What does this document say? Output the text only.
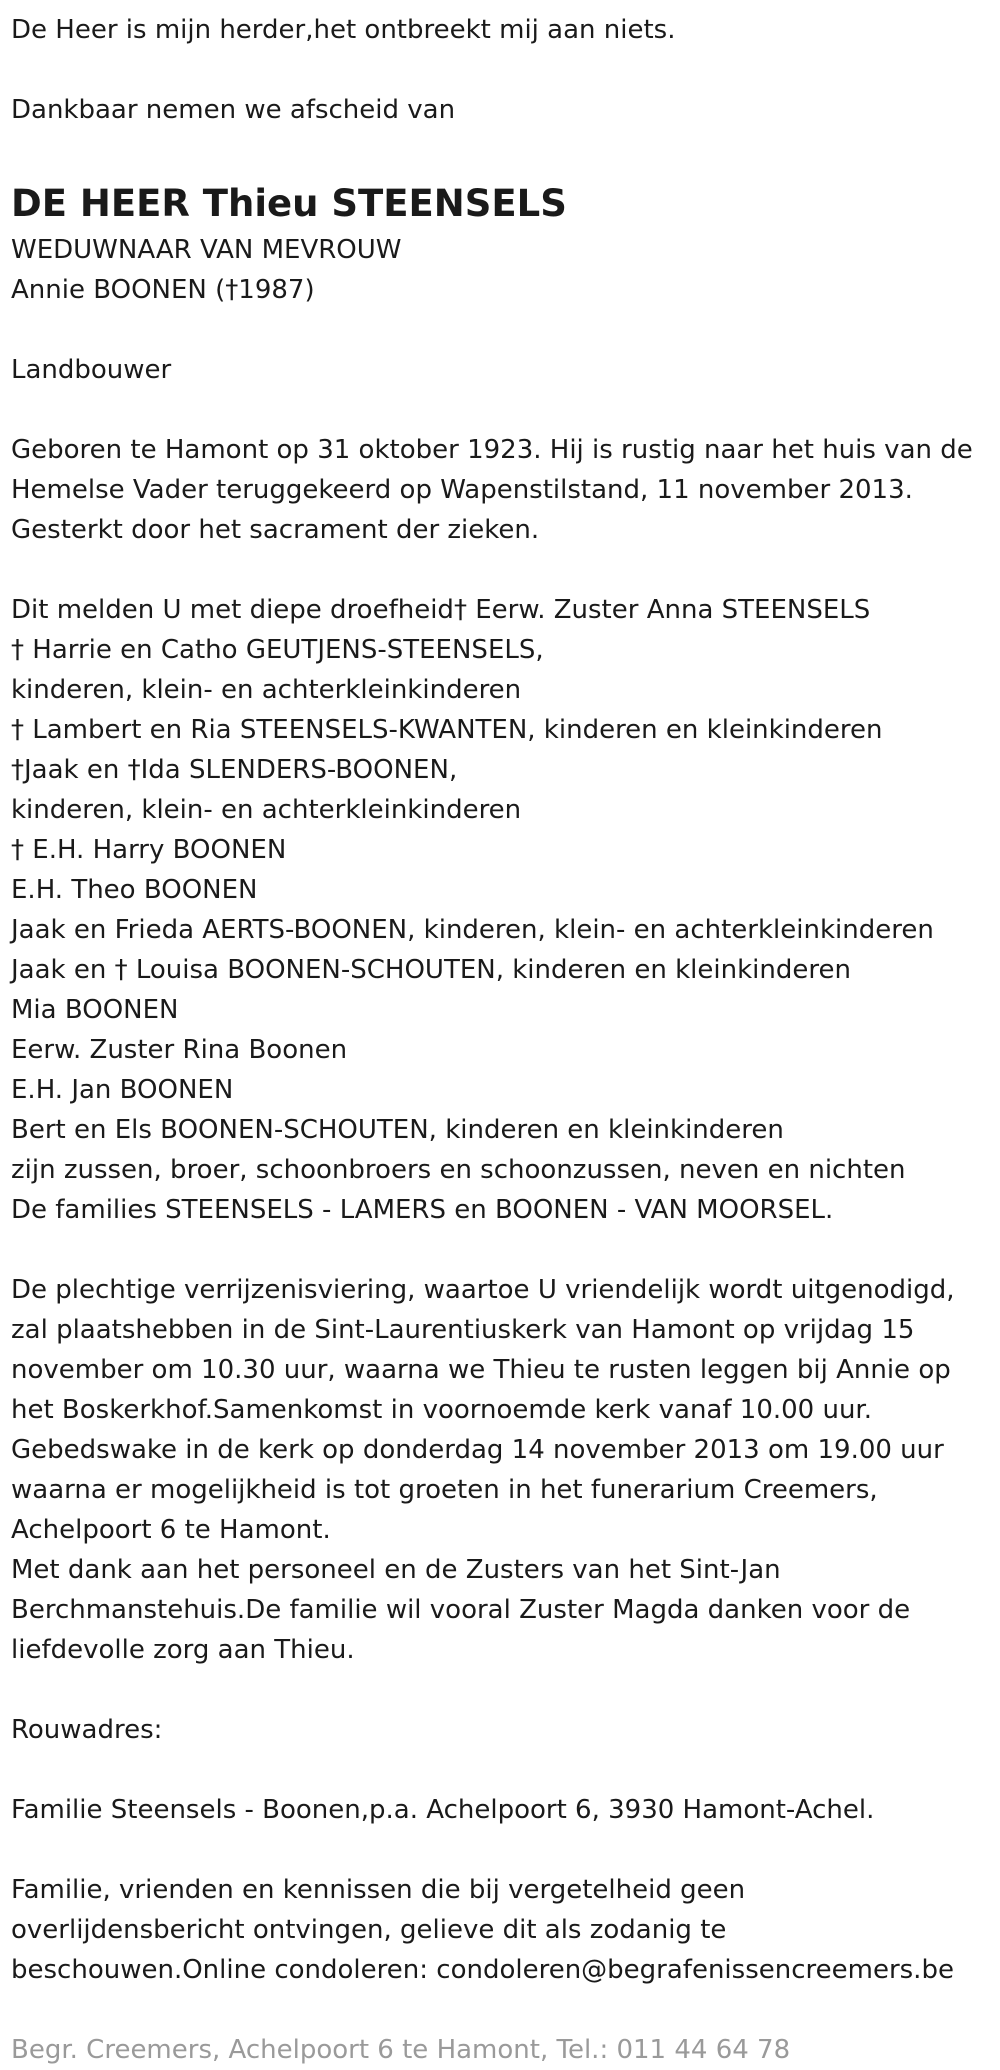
De Heer is mijn herder,het ontbreekt mij aan niets.
Dankbaar nemen we afscheid van
DE HEER Thieu STEENSELS
WEDUWNAAR VAN MEVROUW
Annie BOONEN (†1987)
Landbouwer
Geboren te Hamont op 31 oktober 1923. Hij is rustig naar het huis van de
Hemelse Vader teruggekeerd op Wapenstilstand, 11 november 2013.
Gesterkt door het sacrament der zieken.
Dit melden U met diepe droefheid† Eerw. Zuster Anna STEENSELS
† Harrie en Catho GEUTJENS-STEENSELS,
kinderen, klein- en achterkleinkinderen
† Lambert en Ria STEENSELS-KWANTEN, kinderen en kleinkinderen
†Jaak en †Ida SLENDERS-BOONEN,
kinderen, klein- en achterkleinkinderen
† E.H. Harry BOONEN
E.H. Theo BOONEN
Jaak en Frieda AERTS-BOONEN, kinderen, klein- en achterkleinkinderen
Jaak en † Louisa BOONEN-SCHOUTEN, kinderen en kleinkinderen
Mia BOONEN
Eerw. Zuster Rina Boonen
E.H. Jan BOONEN
Bert en Els BOONEN-SCHOUTEN, kinderen en kleinkinderen
zijn zussen, broer, schoonbroers en schoonzussen, neven en nichten
De families STEENSELS - LAMERS en BOONEN - VAN MOORSEL.
De plechtige verrijzenisviering, waartoe U vriendelijk wordt uitgenodigd,
zal plaatshebben in de Sint-Laurentiuskerk van Hamont op vrijdag 15
november om 10.30 uur, waarna we Thieu te rusten leggen bij Annie op
het Boskerkhof.Samenkomst in voornoemde kerk vanaf 10.00 uur.
Gebedswake in de kerk op donderdag 14 november 2013 om 19.00 uur
waarna er mogelijkheid is tot groeten in het funerarium Creemers,
Achelpoort 6 te Hamont.
Met dank aan het personeel en de Zusters van het Sint-Jan
Berchmanstehuis.De familie wil vooral Zuster Magda danken voor de
liefdevolle zorg aan Thieu.
Rouwadres:
Familie Steensels - Boonen,p.a. Achelpoort 6, 3930 Hamont-Achel.
Familie, vrienden en kennissen die bij vergetelheid geen
overlijdensbericht ontvingen, gelieve dit als zodanig te
beschouwen.Online condoleren: condoleren@begrafenissencreemers.be
Begr. Creemers, Achelpoort 6 te Hamont, Tel.: 011 44 64 78
